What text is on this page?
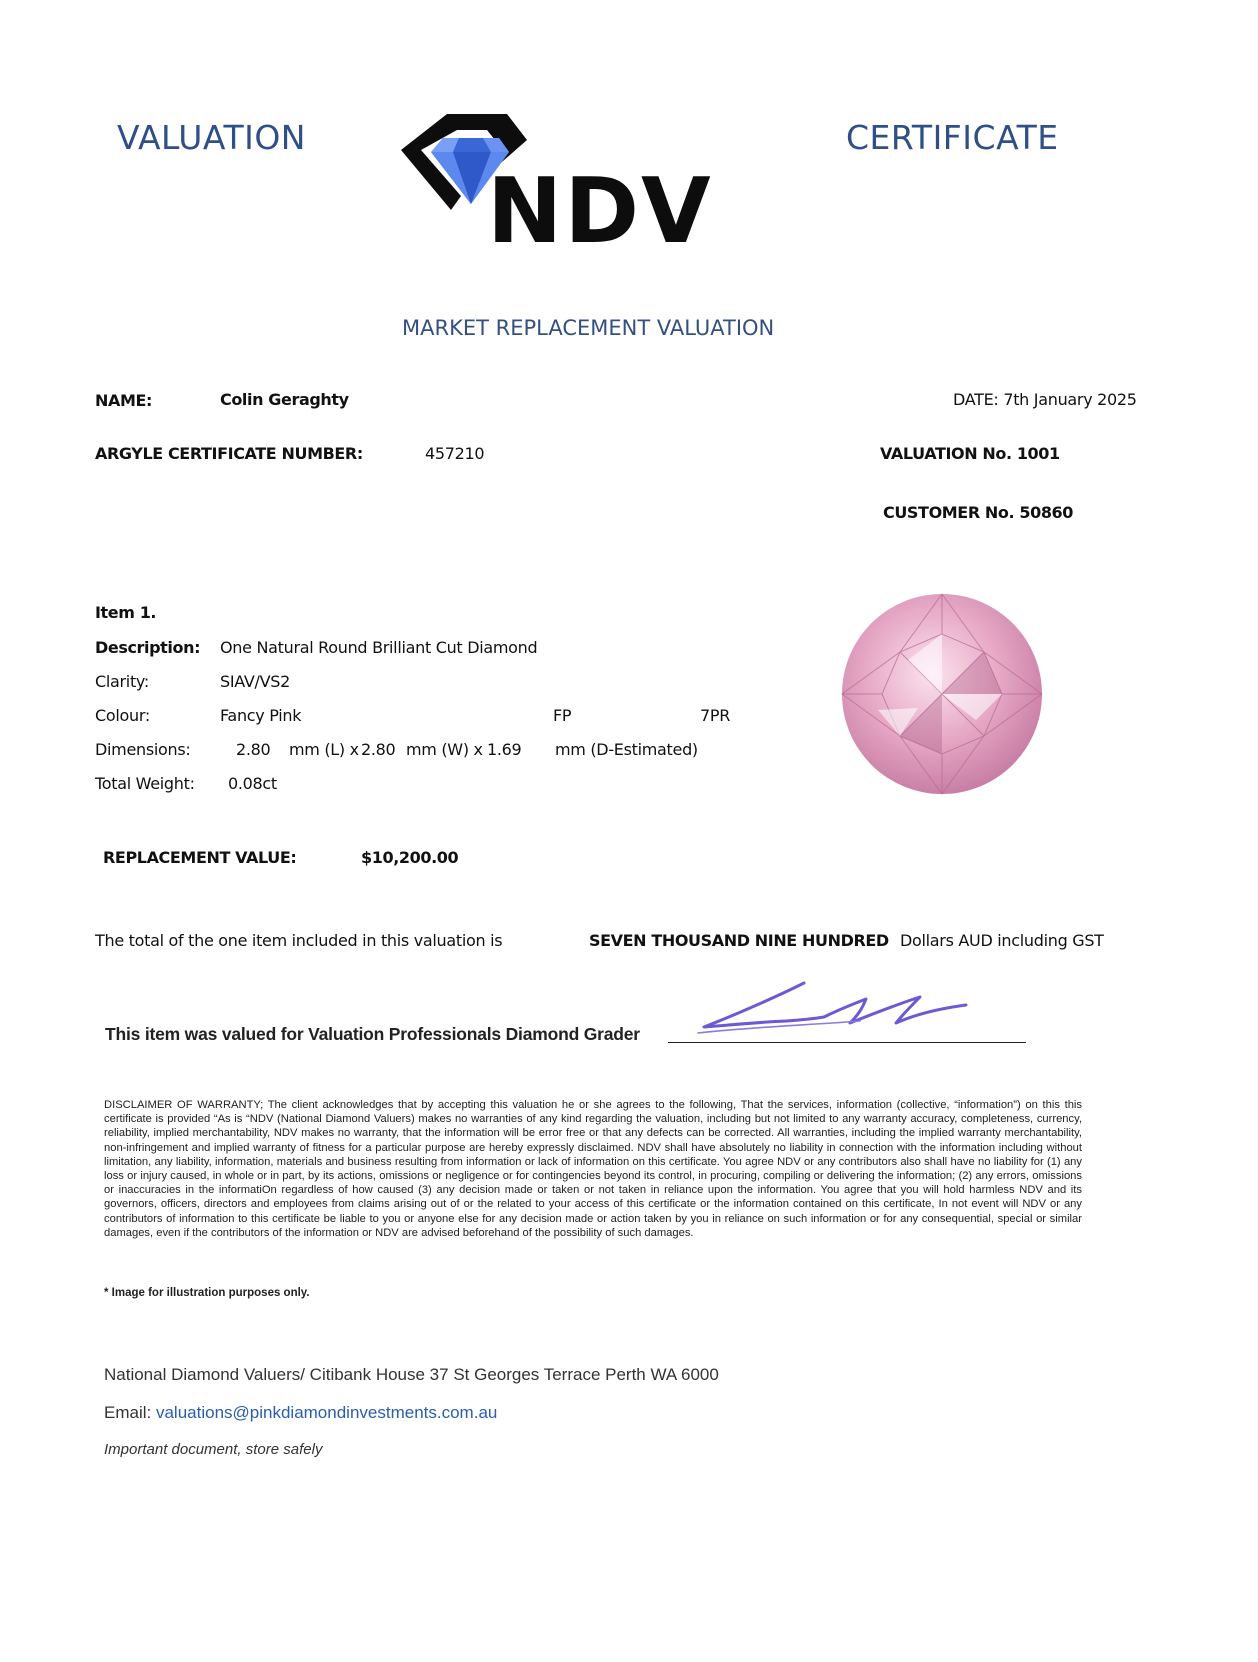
VALUATION	CERTIFICATE
NDV
MARKET REPLACEMENT VALUATION
NAME:	Colin Geraghty	DATE: 7th January 2025
ARGYLE CERTIFICATE NUMBER:	457210	VALUATION No. 1001
CUSTOMER No. 50860
Item 1.
Description: One Natural Round Brilliant Cut Diamond
Clarity:	SIAV/VS2
Colour:	Fancy Pink	FP	7PR
Dimensions:	2.80 mm (L) x 2.80 mm (W) x 1.69 mm (D-Estimated)
Total Weight: 0.08ct
REPLACEMENT VALUE:	$10,200.00
The total of the one item included in this valuation is	SEVEN THOUSAND NINE HUNDRED Dollars AUD including GST
This item was valued for Valuation Professionals Diamond Grader
DISCLAIMER OF WARRANTY; The client acknowledges that by accepting this valuation he or she agrees to the following, That the services, information (collective, “information”) on this this certificate is provided “As is “NDV (National Diamond Valuers) makes no warranties of any kind regarding the valuation, including but not limited to any warranty accuracy, completeness, currency, reliability, implied merchantability, NDV makes no warranty, that the information will be error free or that any defects can be corrected. All warranties, including the implied warranty merchantability, non-infringement and implied warranty of fitness for a particular purpose are hereby expressly disclaimed. NDV shall have absolutely no liability in connection with the information including without limitation, any liability, information, materials and business resulting from information or lack of information on this certificate. You agree NDV or any contributors also shall have no liability for (1) any loss or injury caused, in whole or in part, by its actions, omissions or negligence or for contingencies beyond its control, in procuring, compiling or delivering the information; (2) any errors, omissions or inaccuracies in the informatiOn regardless of how caused (3) any decision made or taken or not taken in reliance upon the information. You agree that you will hold harmless NDV and its governors, officers, directors and employees from claims arising out of or the related to your access of this certificate or the information contained on this certificate, In not event will NDV or any contributors of information to this certificate be liable to you or anyone else for any decision made or action taken by you in reliance on such information or for any consequential, special or similar damages, even if the contributors of the information or NDV are advised beforehand of the possibility of such damages.
* Image for illustration purposes only.
National Diamond Valuers/ Citibank House 37 St Georges Terrace Perth WA 6000
Email: valuations@pinkdiamondinvestments.com.au
Important document, store safely
